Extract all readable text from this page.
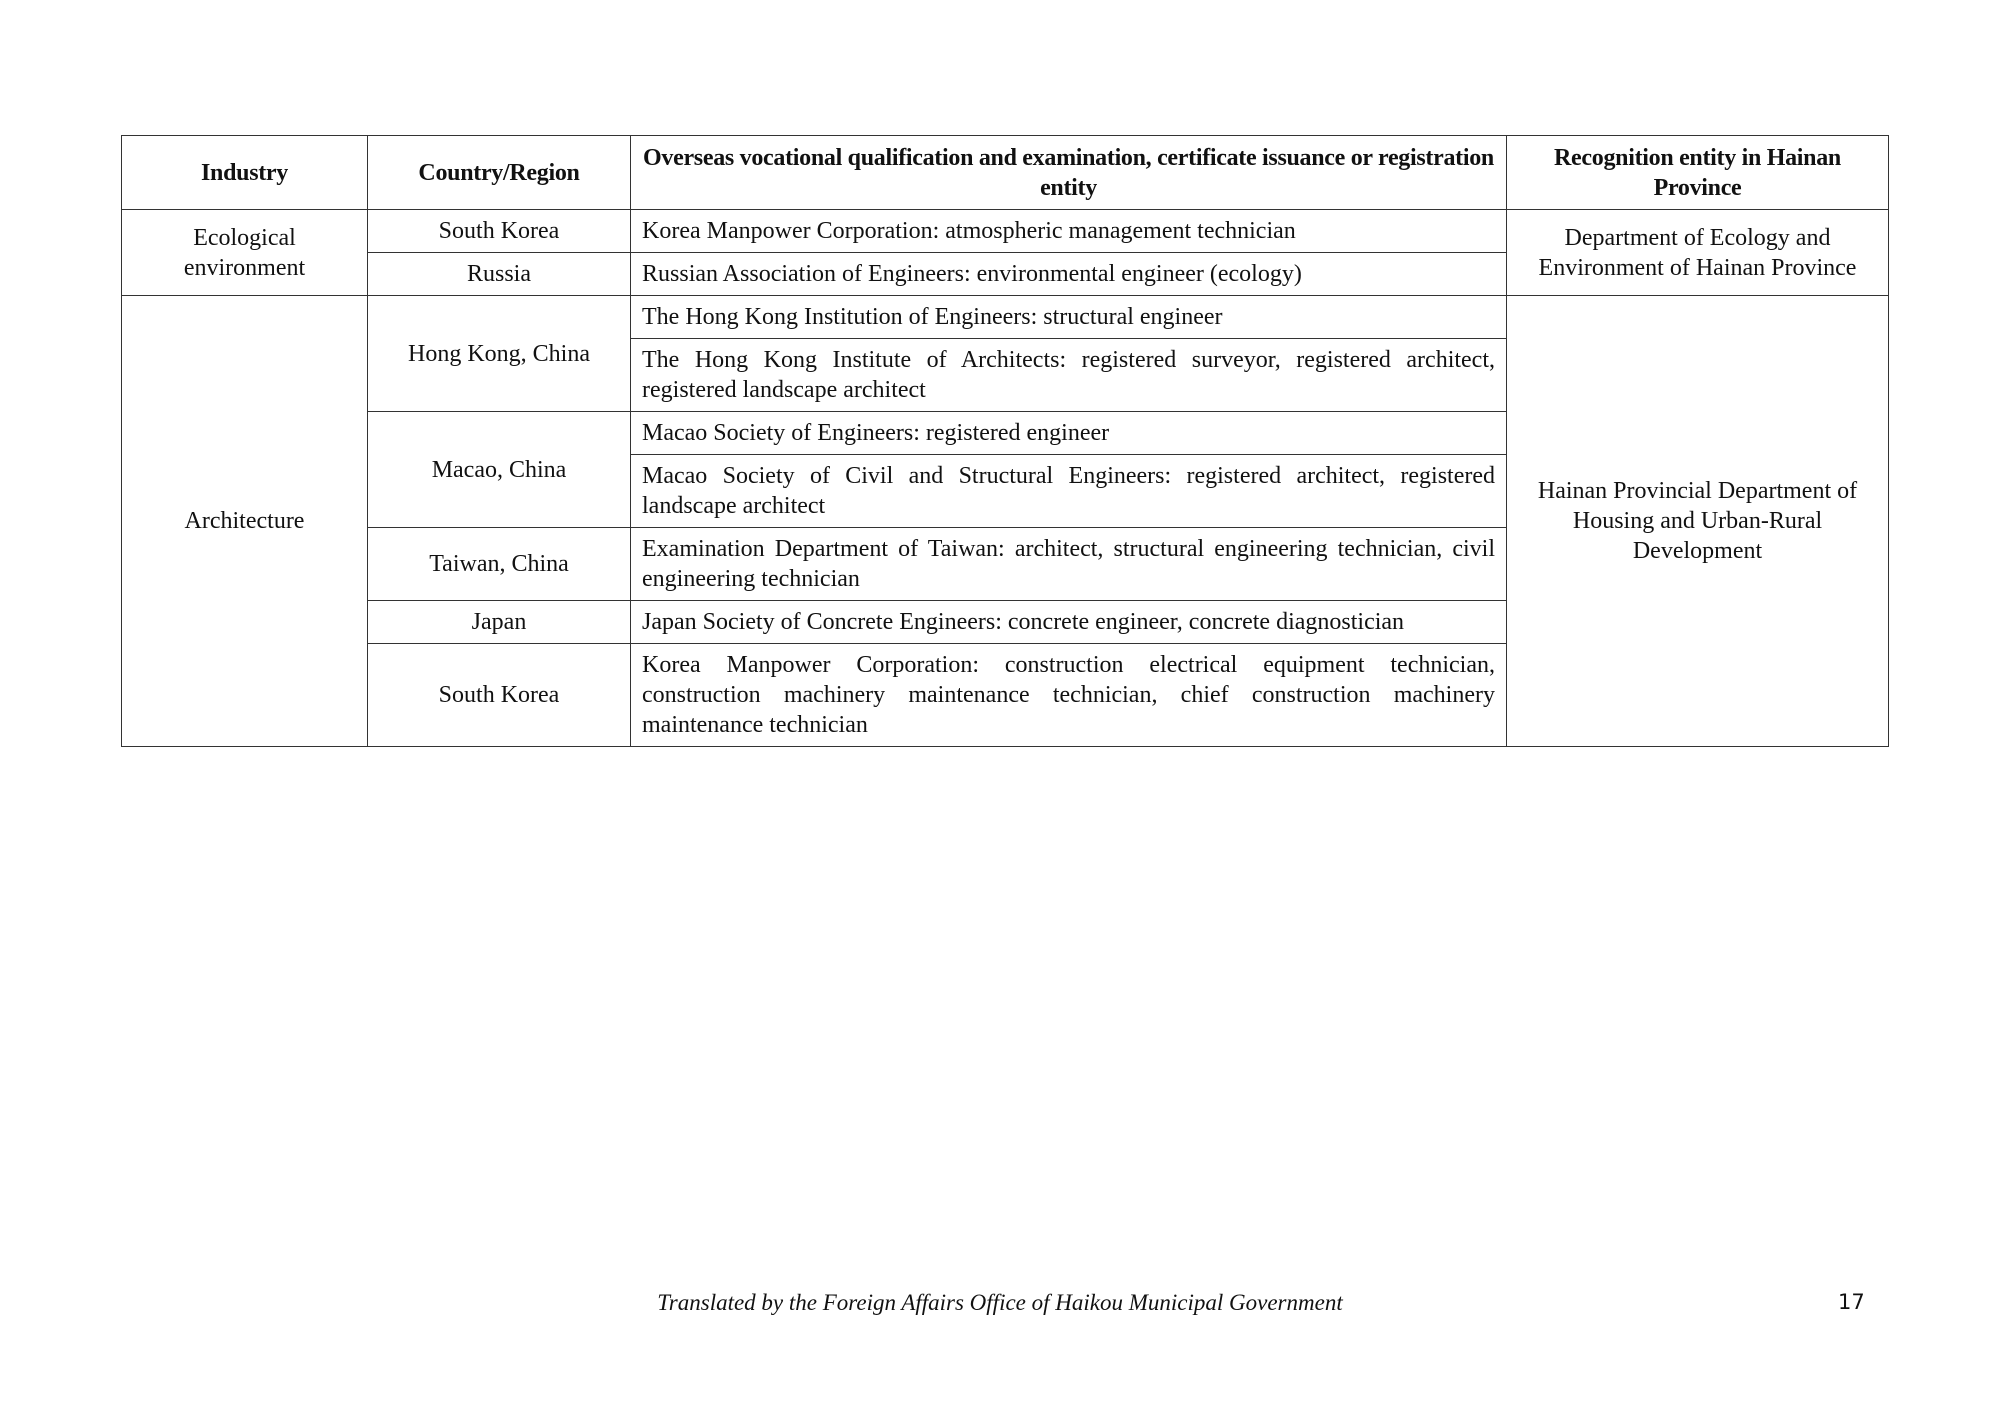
Industry	Country/Region	Overseas vocational qualification and examination, certificate issuance or registration entity	Recognition entity in Hainan Province
Ecological environment	South Korea	Korea Manpower Corporation: atmospheric management technician	Department of Ecology and Environment of Hainan Province
	Russia	Russian Association of Engineers: environmental engineer (ecology)	
Architecture	Hong Kong, China	The Hong Kong Institution of Engineers: structural engineer	Hainan Provincial Department of Housing and Urban-Rural Development
		The Hong Kong Institute of Architects: registered surveyor, registered architect, registered landscape architect	
	Macao, China	Macao Society of Engineers: registered engineer	
		Macao Society of Civil and Structural Engineers: registered architect, registered landscape architect	
	Taiwan, China	Examination Department of Taiwan: architect, structural engineering technician, civil engineering technician	
	Japan	Japan Society of Concrete Engineers: concrete engineer, concrete diagnostician	
	South Korea	Korea Manpower Corporation: construction electrical equipment technician, construction machinery maintenance technician, chief construction machinery maintenance technician	
Translated by the Foreign Affairs Office of Haikou Municipal Government	17
